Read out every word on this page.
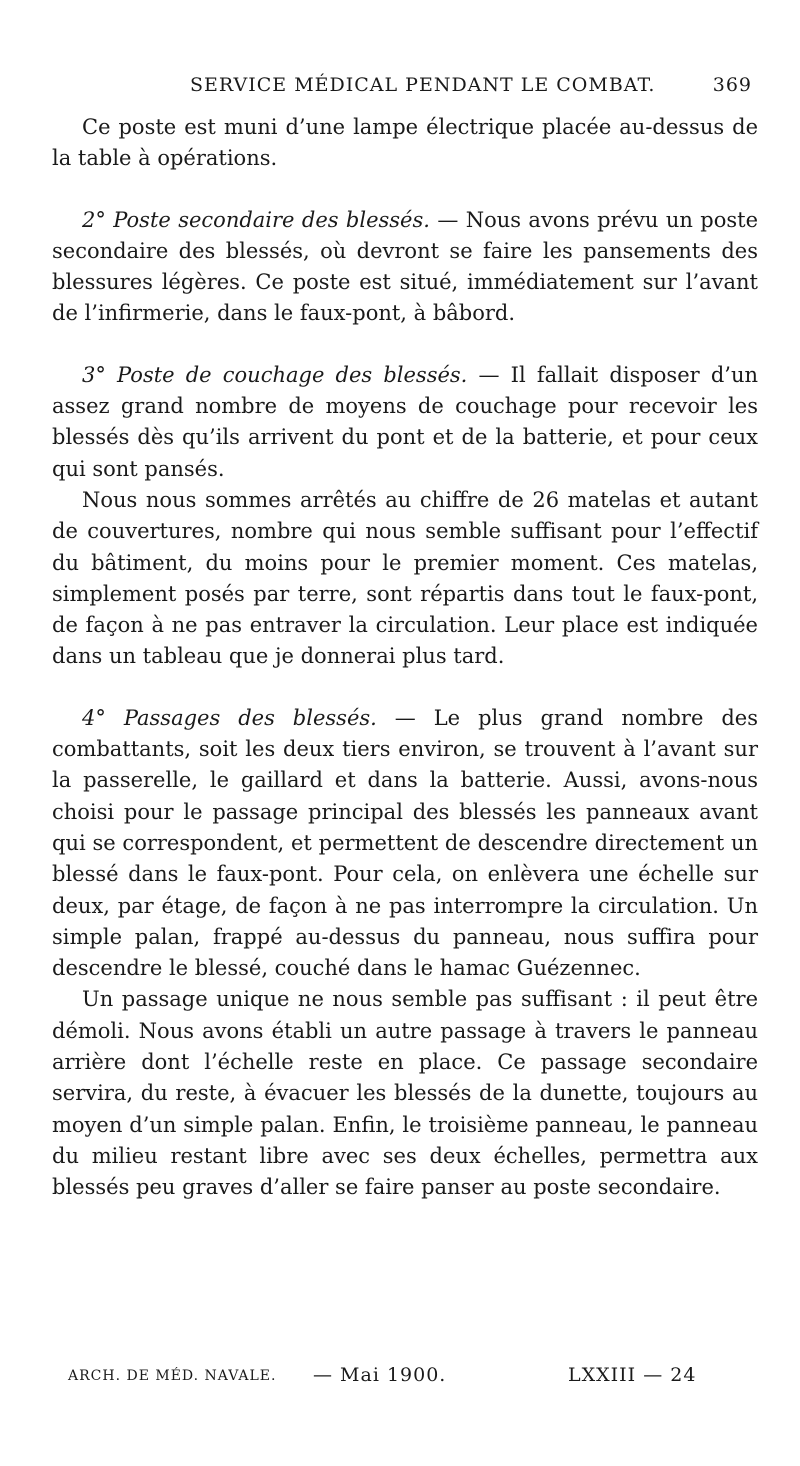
SERVICE MÉDICAL PENDANT LE COMBAT.	369

Ce poste est muni d’une lampe électrique placée au-dessus de la table à opérations.

2° Poste secondaire des blessés. — Nous avons prévu un poste secondaire des blessés, où devront se faire les pansements des blessures légères. Ce poste est situé, immédiatement sur l’avant de l’infirmerie, dans le faux-pont, à bâbord.

3° Poste de couchage des blessés. — Il fallait disposer d’un assez grand nombre de moyens de couchage pour recevoir les blessés dès qu’ils arrivent du pont et de la batterie, et pour ceux qui sont pansés.

Nous nous sommes arrêtés au chiffre de 26 matelas et autant de couvertures, nombre qui nous semble suffisant pour l’effectif du bâtiment, du moins pour le premier moment. Ces matelas, simplement posés par terre, sont répartis dans tout le faux-pont, de façon à ne pas entraver la circulation. Leur place est indiquée dans un tableau que je donnerai plus tard.

4° Passages des blessés. — Le plus grand nombre des combattants, soit les deux tiers environ, se trouvent à l’avant sur la passerelle, le gaillard et dans la batterie. Aussi, avons-nous choisi pour le passage principal des blessés les panneaux avant qui se correspondent, et permettent de descendre directement un blessé dans le faux-pont. Pour cela, on enlèvera une échelle sur deux, par étage, de façon à ne pas interrompre la circulation. Un simple palan, frappé au-dessus du panneau, nous suffira pour descendre le blessé, couché dans le hamac Guézennec.

Un passage unique ne nous semble pas suffisant : il peut être démoli. Nous avons établi un autre passage à travers le panneau arrière dont l’échelle reste en place. Ce passage secondaire servira, du reste, à évacuer les blessés de la dunette, toujours au moyen d’un simple palan. Enfin, le troisième panneau, le panneau du milieu restant libre avec ses deux échelles, permettra aux blessés peu graves d’aller se faire panser au poste secondaire.

ARCH. DE MÉD. NAVALE. — Mai 1900.	LXXIII — 24
